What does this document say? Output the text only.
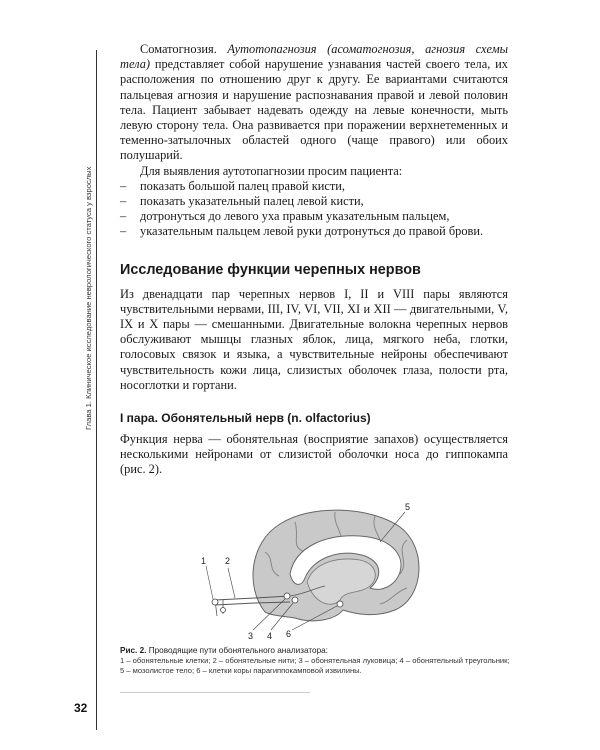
Глава 1. Клиническое исследование неврологического статуса у взрослых
32

Соматогнозия. Аутотопагнозия (асоматогнозия, агнозия схемы тела) представляет собой нарушение узнавания частей своего тела, их расположения по отношению друг к другу. Ее вариантами считаются пальцевая агнозия и нарушение распознавания правой и левой половин тела. Пациент забывает надевать одежду на левые конечности, мыть левую сторону тела. Она развивается при поражении верхнетеменных и теменно-затылочных областей одного (чаще правого) или обоих полушарий.

Для выявления аутотопагнозии просим пациента:

– показать большой палец правой кисти,
– показать указательный палец левой кисти,
– дотронуться до левого уха правым указательным пальцем,
– указательным пальцем левой руки дотронуться до правой брови.
Исследование функции черепных нервов

Из двенадцати пар черепных нервов I, II и VIII пары являются чувствительными нервами, III, IV, VI, VII, XI и XII — двигательными, V, IX и X пары — смешанными. Двигательные волокна черепных нервов обслуживают мышцы глазных яблок, лица, мягкого неба, глотки, голосовых связок и языка, а чувствительные нейроны обеспечивают чувствительность кожи лица, слизистых оболочек глаза, полости рта, носоглотки и гортани.

I пара. Обонятельный нерв (n. olfactorius)

Функция нерва — обонятельная (восприятие запахов) осуществляется несколькими нейронами от слизистой оболочки носа до гиппокампа (рис. 2).

1 2
3 4
5
6
Рис. 2. Проводящие пути обонятельного анализатора:
1 – обонятельные клетки; 2 – обонятельные нити; 3 – обонятельная луковица; 4 – обонятельный треугольник; 5 – мозолистое тело; 6 – клетки коры парагиппокамповой извилины.
